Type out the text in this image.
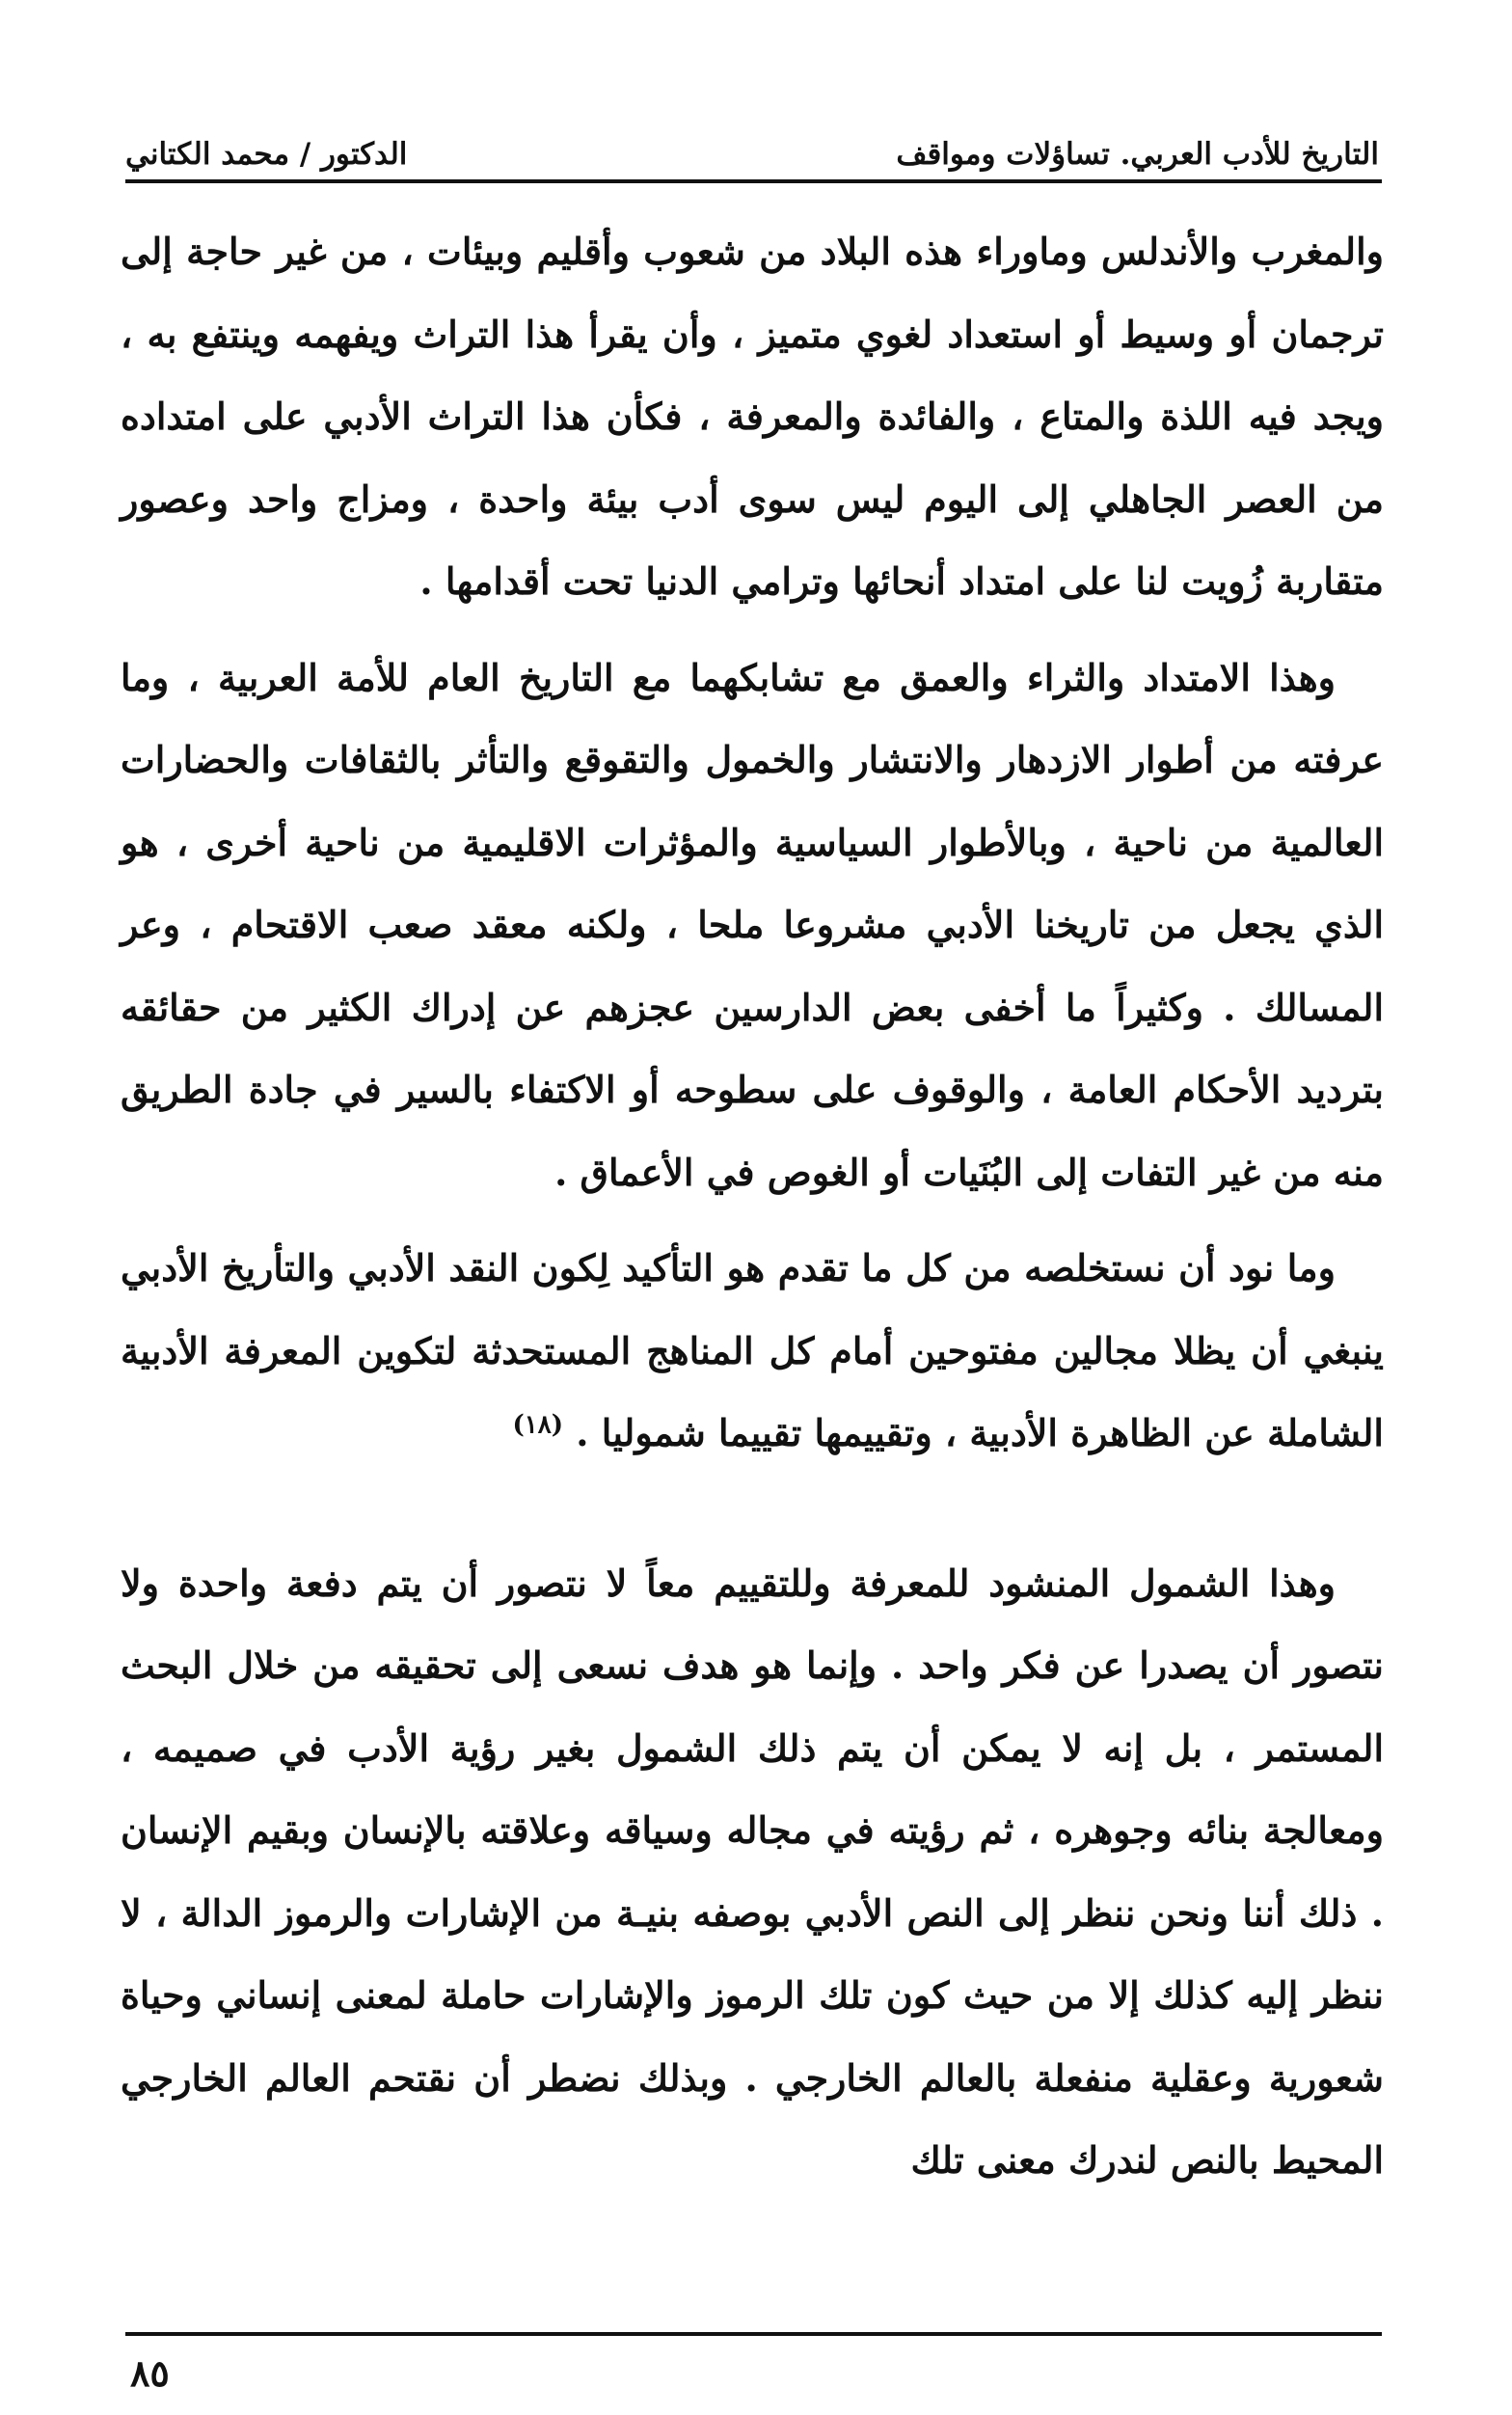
التاريخ للأدب العربي. تساؤلات ومواقف
الدكتور / محمد الكتاني

والمغرب والأندلس وماوراء هذه البلاد من شعوب وأقليم وبيئات ، من غير حاجة إلى ترجمان أو وسيط أو استعداد لغوي متميز ، وأن يقرأ هذا التراث ويفهمه وينتفع به ، ويجد فيه اللذة والمتاع ، والفائدة والمعرفة ، فكأن هذا التراث الأدبي على امتداده من العصر الجاهلي إلى اليوم ليس سوى أدب بيئة واحدة ، ومزاج واحد وعصور متقاربة زُويت لنا على امتداد أنحائها وترامي الدنيا تحت أقدامها .

وهذا الامتداد والثراء والعمق مع تشابكهما مع التاريخ العام للأمة العربية ، وما عرفته من أطوار الازدهار والانتشار والخمول والتقوقع والتأثر بالثقافات والحضارات العالمية من ناحية ، وبالأطوار السياسية والمؤثرات الاقليمية من ناحية أخرى ، هو الذي يجعل من تاريخنا الأدبي مشروعا ملحا ، ولكنه معقد صعب الاقتحام ، وعر المسالك . وكثيراً ما أخفى بعض الدارسين عجزهم عن إدراك الكثير من حقائقه بترديد الأحكام العامة ، والوقوف على سطوحه أو الاكتفاء بالسير في جادة الطريق منه من غير التفات إلى البُنَيات أو الغوص في الأعماق .

وما نود أن نستخلصه من كل ما تقدم هو التأكيد لِكون النقد الأدبي والتأريخ الأدبي ينبغي أن يظلا مجالين مفتوحين أمام كل المناهج المستحدثة لتكوين المعرفة الأدبية الشاملة عن الظاهرة الأدبية ، وتقييمها تقييما شموليا . $^{(١٨)}$

وهذا الشمول المنشود للمعرفة وللتقييم معاً لا نتصور أن يتم دفعة واحدة ولا نتصور أن يصدرا عن فكر واحد . وإنما هو هدف نسعى إلى تحقيقه من خلال البحث المستمر ، بل إنه لا يمكن أن يتم ذلك الشمول بغير رؤية الأدب في صميمه ، ومعالجة بنائه وجوهره ، ثم رؤيته في مجاله وسياقه وعلاقته بالإنسان وبقيم الإنسان . ذلك أننا ونحن ننظر إلى النص الأدبي بوصفه بنيـة من الإشارات والرموز الدالة ، لا ننظر إليه كذلك إلا من حيث كون تلك الرموز والإشارات حاملة لمعنى إنساني وحياة شعورية وعقلية منفعلة بالعالم الخارجي . وبذلك نضطر أن نقتحم العالم الخارجي المحيط بالنص لندرك معنى تلك

٨٥
